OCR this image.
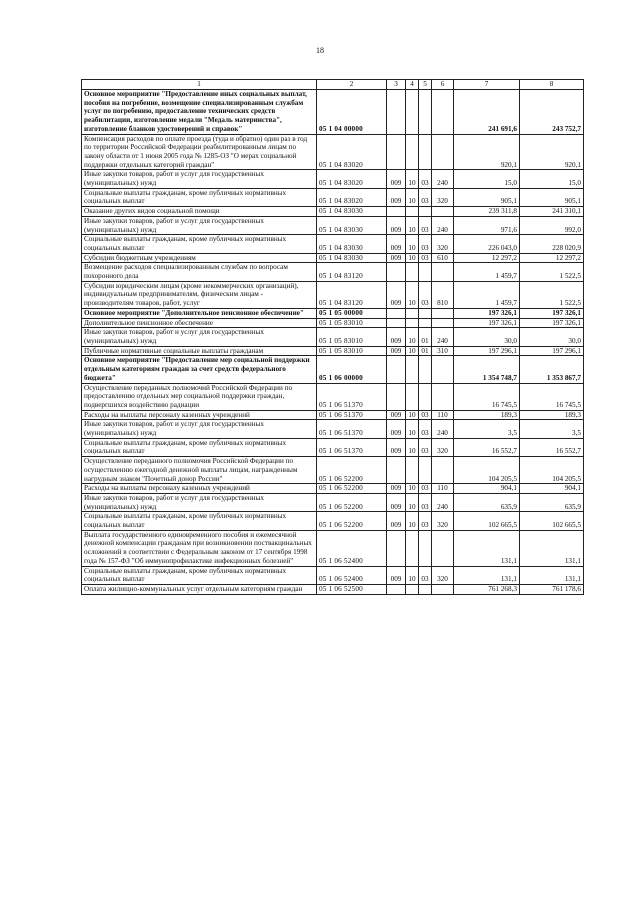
18
1	2	3	4	5	6	7	8
Основное мероприятие "Предоставление иных социальных выплат, пособия на погребение, возмещение специализированным службам услуг по погребению, предоставление технических средств реабилитации, изготовление медали "Медаль материнства", изготовление бланков удостоверений и справок"	05 1 04 00000					241 691,6	243 752,7
Компенсация расходов по оплате проезда (туда и обратно) один раз в год по территории Российской Федерации реабилитированным лицам по закону области от 1 июня 2005 года № 1285-ОЗ "О мерах социальной поддержки отдельных категорий граждан"	05 1 04 83020					920,1	920,1
Иные закупки товаров, работ и услуг для государственных (муниципальных) нужд	05 1 04 83020	009	10	03	240	15,0	15,0
Социальные выплаты гражданам, кроме публичных нормативных социальных выплат	05 1 04 83020	009	10	03	320	905,1	905,1
Оказание других видов социальной помощи	05 1 04 83030					239 311,8	241 310,1
Иные закупки товаров, работ и услуг для государственных (муниципальных) нужд	05 1 04 83030	009	10	03	240	971,6	992,0
Социальные выплаты гражданам, кроме публичных нормативных социальных выплат	05 1 04 83030	009	10	03	320	226 043,0	228 020,9
Субсидии бюджетным учреждениям	05 1 04 83030	009	10	03	610	12 297,2	12 297,2
Возмещение расходов специализированным службам по вопросам похоронного дела	05 1 04 83120					1 459,7	1 522,5
Субсидии юридическим лицам (кроме некоммерческих организаций), индивидуальным предпринимателям, физическим лицам - производителям товаров, работ, услуг	05 1 04 83120	009	10	03	810	1 459,7	1 522,5
Основное мероприятие "Дополнительное пенсионное обеспечение"	05 1 05 00000					197 326,1	197 326,1
Дополнительное пенсионное обеспечение	05 1 05 83010					197 326,1	197 326,1
Иные закупки товаров, работ и услуг для государственных (муниципальных) нужд	05 1 05 83010	009	10	01	240	30,0	30,0
Публичные нормативные социальные выплаты гражданам	05 1 05 83010	009	10	01	310	197 296,1	197 296,1
Основное мероприятие "Предоставление мер социальной поддержки отдельным категориям граждан за счет средств федерального бюджета"	05 1 06 00000					1 354 748,7	1 353 867,7
Осуществление переданных полномочий Российской Федерации по предоставлению отдельных мер социальной поддержки граждан, подвергшихся воздействию радиации	05 1 06 51370					16 745,5	16 745,5
Расходы на выплаты персоналу казенных учреждений	05 1 06 51370	009	10	03	110	189,3	189,3
Иные закупки товаров, работ и услуг для государственных (муниципальных) нужд	05 1 06 51370	009	10	03	240	3,5	3,5
Социальные выплаты гражданам, кроме публичных нормативных социальных выплат	05 1 06 51370	009	10	03	320	16 552,7	16 552,7
Осуществление переданного полномочия Российской Федерации по осуществлению ежегодной денежной выплаты лицам, награжденным нагрудным знаком "Почетный донор России"	05 1 06 52200					104 205,5	104 205,5
Расходы на выплаты персоналу казенных учреждений	05 1 06 52200	009	10	03	110	904,1	904,1
Иные закупки товаров, работ и услуг для государственных (муниципальных) нужд	05 1 06 52200	009	10	03	240	635,9	635,9
Социальные выплаты гражданам, кроме публичных нормативных социальных выплат	05 1 06 52200	009	10	03	320	102 665,5	102 665,5
Выплата государственного единовременного пособия и ежемесячной денежной компенсации гражданам при возникновении поствакцинальных осложнений в соответствии с Федеральным законом от 17 сентября 1998 года № 157-ФЗ "Об иммунопрофилактике инфекционных болезней"	05 1 06 52400					131,1	131,1
Социальные выплаты гражданам, кроме публичных нормативных социальных выплат	05 1 06 52400	009	10	03	320	131,1	131,1
Оплата жилищно-коммунальных услуг отдельным категориям граждан	05 1 06 52500					761 268,3	761 178,6
